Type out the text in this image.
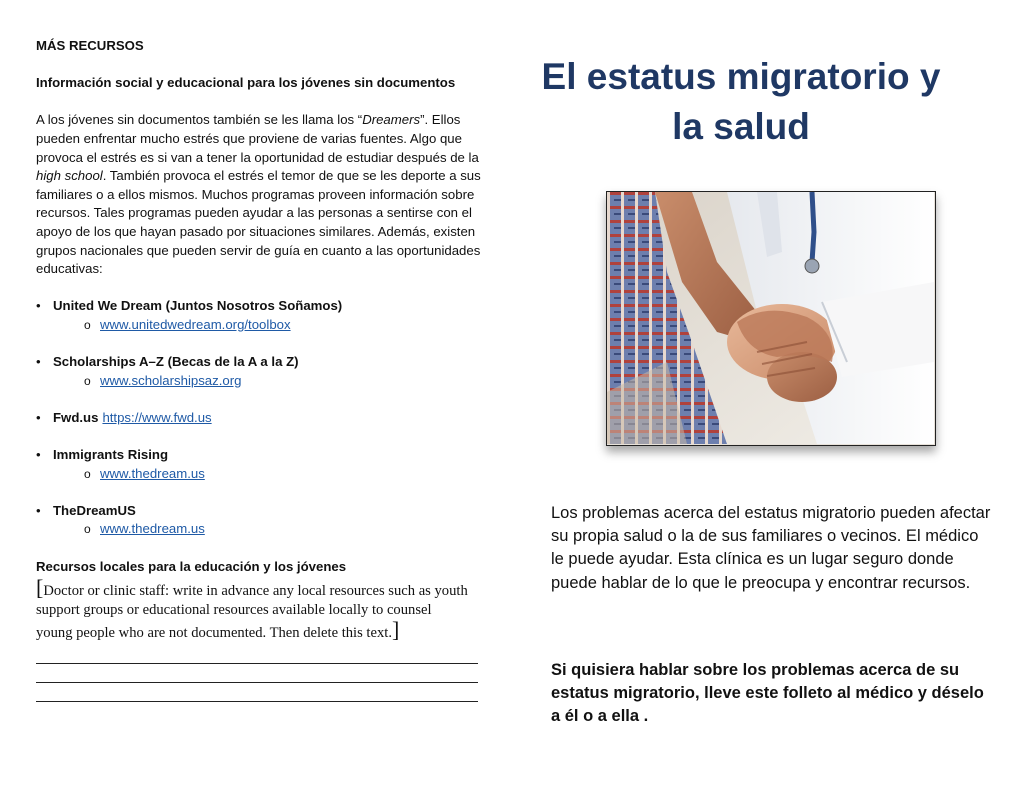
MÁS RECURSOS

Información social y educacional para los jóvenes sin documentos

A los jóvenes sin documentos también se les llama los “Dreamers”. Ellos pueden enfrentar mucho estrés que proviene de varias fuentes. Algo que provoca el estrés es si van a tener la oportunidad de estudiar después de la high school. También provoca el estrés el temor de que se les deporte a sus familiares o a ellos mismos. Muchos programas proveen información sobre recursos. Tales programas pueden ayudar a las personas a sentirse con el apoyo de los que hayan pasado por situaciones similares. Además, existen grupos nacionales que pueden servir de guía en cuanto a las oportunidades educativas:

• United We Dream (Juntos Nosotros Soñamos)
o www.unitedwedream.org/toolbox
• Scholarships A–Z (Becas de la A a la Z)
o www.scholarshipsaz.org
• Fwd.us https://www.fwd.us
• Immigrants Rising
o www.thedream.us
• TheDreamUS
o www.thedream.us

Recursos locales para la educación y los jóvenes

[Doctor or clinic staff: write in advance any local resources such as youth support groups or educational resources available locally to counsel young people who are not documented. Then delete this text.]

El estatus migratorio y la salud

Los problemas acerca del estatus migratorio pueden afectar su propia salud o la de sus familiares o vecinos. El médico le puede ayudar. Esta clínica es un lugar seguro donde puede hablar de lo que le preocupa y encontrar recursos.

Si quisiera hablar sobre los problemas acerca de su estatus migratorio, lleve este folleto al médico y déselo a él o a ella .
